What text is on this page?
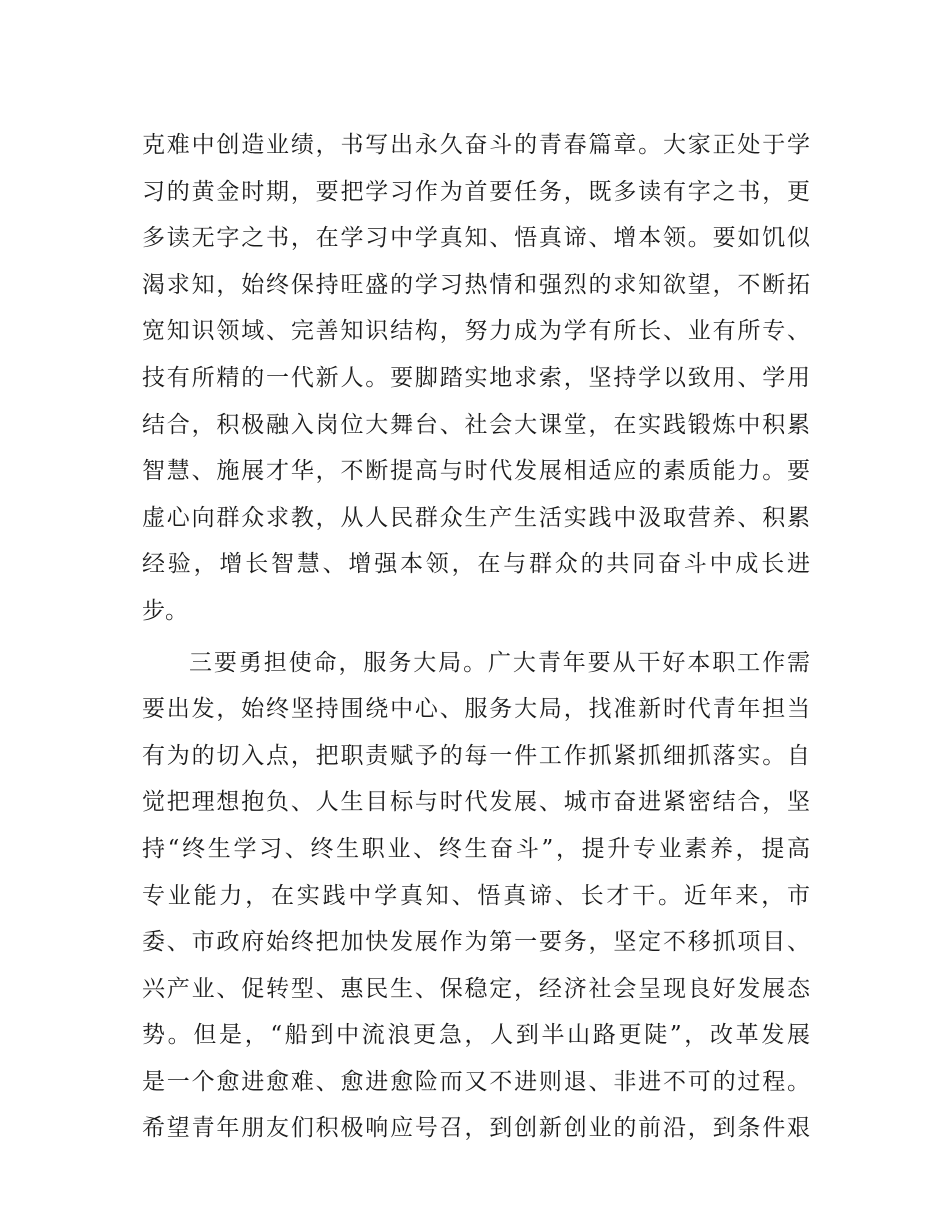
克难中创造业绩，书写出永久奋斗的青春篇章。大家正处于学
习的黄金时期，要把学习作为首要任务，既多读有字之书，更
多读无字之书，在学习中学真知、悟真谛、增本领。要如饥似
渴求知，始终保持旺盛的学习热情和强烈的求知欲望，不断拓
宽知识领域、完善知识结构，努力成为学有所长、业有所专、
技有所精的一代新人。要脚踏实地求索，坚持学以致用、学用
结合，积极融入岗位大舞台、社会大课堂，在实践锻炼中积累
智慧、施展才华，不断提高与时代发展相适应的素质能力。要
虚心向群众求教，从人民群众生产生活实践中汲取营养、积累
经验，增长智慧、增强本领，在与群众的共同奋斗中成长进
步。
三要勇担使命，服务大局。广大青年要从干好本职工作需
要出发，始终坚持围绕中心、服务大局，找准新时代青年担当
有为的切入点，把职责赋予的每一件工作抓紧抓细抓落实。自
觉把理想抱负、人生目标与时代发展、城市奋进紧密结合，坚
持“终生学习、终生职业、终生奋斗”，提升专业素养，提高
专业能力，在实践中学真知、悟真谛、长才干。近年来，市
委、市政府始终把加快发展作为第一要务，坚定不移抓项目、
兴产业、促转型、惠民生、保稳定，经济社会呈现良好发展态
势。但是，“船到中流浪更急，人到半山路更陡”，改革发展
是一个愈进愈难、愈进愈险而又不进则退、非进不可的过程。
希望青年朋友们积极响应号召，到创新创业的前沿，到条件艰
